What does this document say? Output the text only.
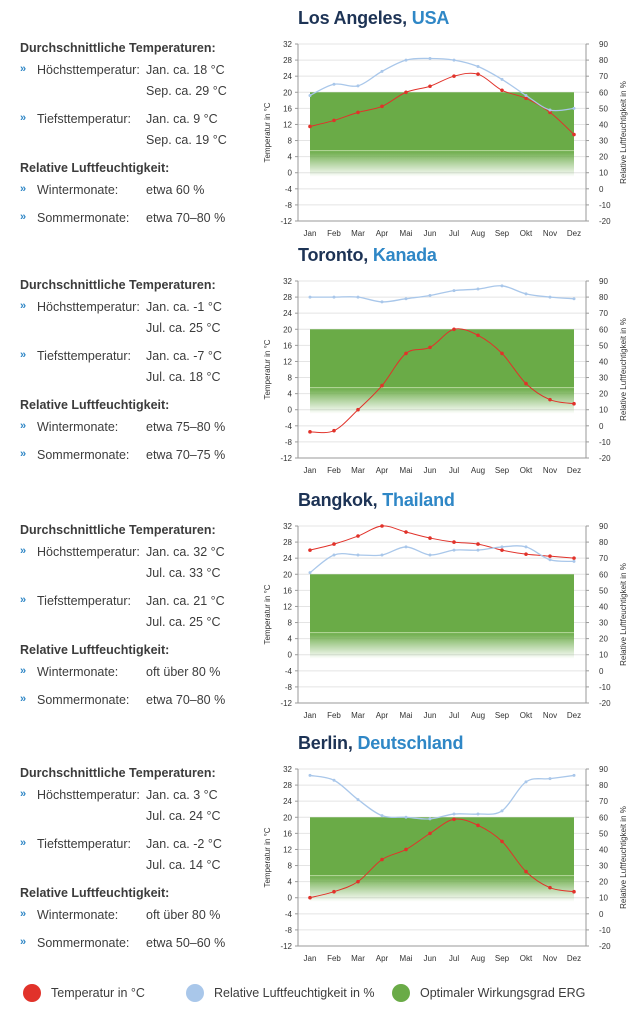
Los Angeles, USA
Durchschnittliche Temperaturen:
» Höchsttemperatur: Jan. ca. 18 °C
Sep. ca. 29 °C
» Tiefsttemperatur: Jan. ca. 9 °C
Sep. ca. 19 °C
Relative Luftfeuchtigkeit:
» Wintermonate: etwa 60 %
» Sommermonate: etwa 70–80 %	-12
-8
-4
0
4
8
12
16
20
24
28
32
-20
-10
0
10
20
30
40
50
60
70
80
90
Jan Feb Mar Apr Mai Jun Jul Aug Sep Okt Nov Dez
Temperatur in °C	Relative Luftfeuchtigkeit in %
Toronto, Kanada
Durchschnittliche Temperaturen:
» Höchsttemperatur: Jan. ca. -1 °C
Jul. ca. 25 °C
» Tiefsttemperatur: Jan. ca. -7 °C
Jul. ca. 18 °C
Relative Luftfeuchtigkeit:
» Wintermonate: etwa 75–80 %
» Sommermonate: etwa 70–75 %	-12
-8
-4
0
4
8
12
16
20
24
28
32
-20
-10
0
10
20
30
40
50
60
70
80
90
Jan Feb Mar Apr Mai Jun Jul Aug Sep Okt Nov Dez
Temperatur in °C	Relative Luftfeuchtigkeit in %
Bangkok, Thailand
Durchschnittliche Temperaturen:
» Höchsttemperatur: Jan. ca. 32 °C
Jul. ca. 33 °C
» Tiefsttemperatur: Jan. ca. 21 °C
Jul. ca. 25 °C
Relative Luftfeuchtigkeit:
» Wintermonate: oft über 80 %
» Sommermonate: etwa 70–80 %	-12
-8
-4
0
4
8
12
16
20
24
28
32
-20
-10
0
10
20
30
40
50
60
70
80
90
Jan Feb Mar Apr Mai Jun Jul Aug Sep Okt Nov Dez
Temperatur in °C	Relative Luftfeuchtigkeit in %
Berlin, Deutschland
Durchschnittliche Temperaturen:
» Höchsttemperatur: Jan. ca. 3 °C
Jul. ca. 24 °C
» Tiefsttemperatur: Jan. ca. -2 °C
Jul. ca. 14 °C
Relative Luftfeuchtigkeit:
» Wintermonate: oft über 80 %
» Sommermonate: etwa 50–60 %	-12
-8
-4
0
4
8
12
16
20
24
28
32
-20
-10
0
10
20
30
40
50
60
70
80
90
Jan Feb Mar Apr Mai Jun Jul Aug Sep Okt Nov Dez
Temperatur in °C	Relative Luftfeuchtigkeit in %
Temperatur in °C	Relative Luftfeuchtigkeit in %	Optimaler Wirkungsgrad ERG
